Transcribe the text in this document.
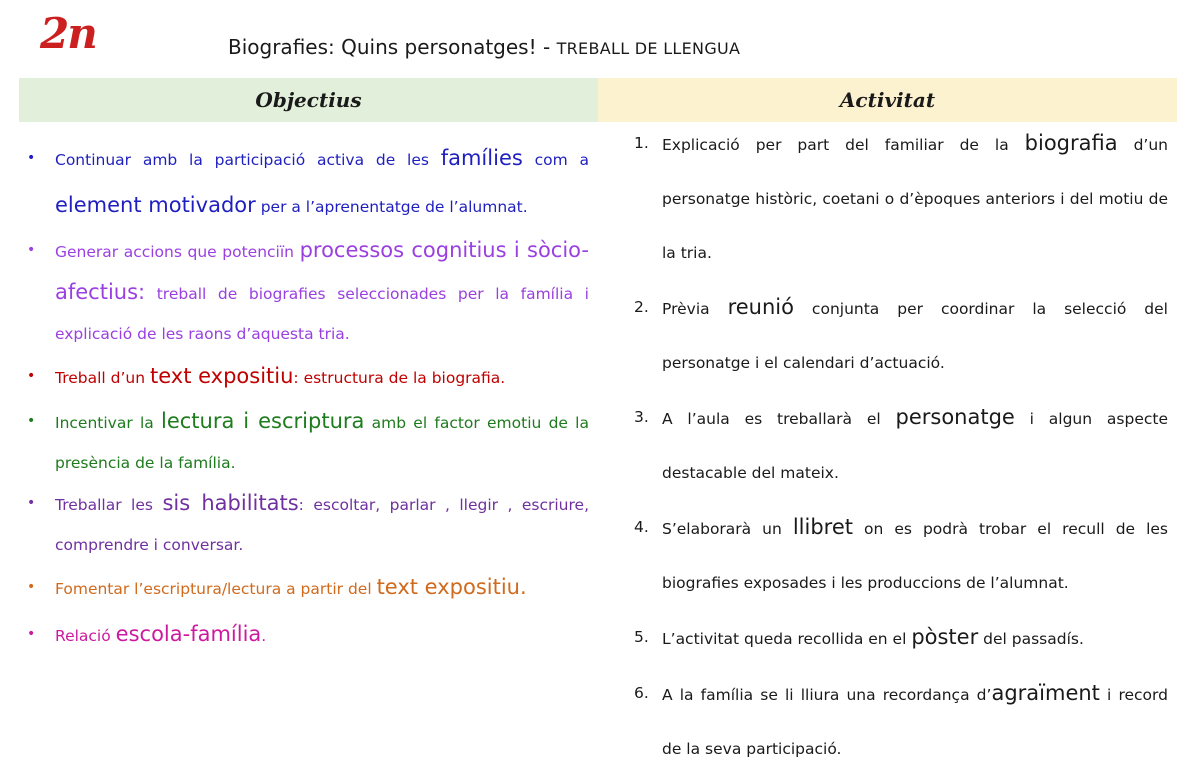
2n	Biografies: Quins personatges! - TREBALL DE LLENGUA
Objectius	Activitat
• Continuar amb la participació activa de les famílies com a element motivador per a l’aprenentatge de l’alumnat.
• Generar accions que potenciïn processos cognitius i sòcio-afectius: treball de biografies seleccionades per la família i explicació de les raons d’aquesta tria.
• Treball d’un text expositiu: estructura de la biografia.
• Incentivar la lectura i escriptura amb el factor emotiu de la presència de la família.
• Treballar les sis habilitats: escoltar, parlar , llegir , escriure, comprendre i conversar.
• Fomentar l’escriptura/lectura a partir del text expositiu.
• Relació escola-família.
1. Explicació per part del familiar de la biografia d’un personatge històric, coetani o d’èpoques anteriors i del motiu de la tria.
2. Prèvia reunió conjunta per coordinar la selecció del personatge i el calendari d’actuació.
3. A l’aula es treballarà el personatge i algun aspecte destacable del mateix.
4. S’elaborarà un llibret on es podrà trobar el recull de les biografies exposades i les produccions de l’alumnat.
5. L’activitat queda recollida en el pòster del passadís.
6. A la família se li lliura una recordança d’agraïment i record de la seva participació.
